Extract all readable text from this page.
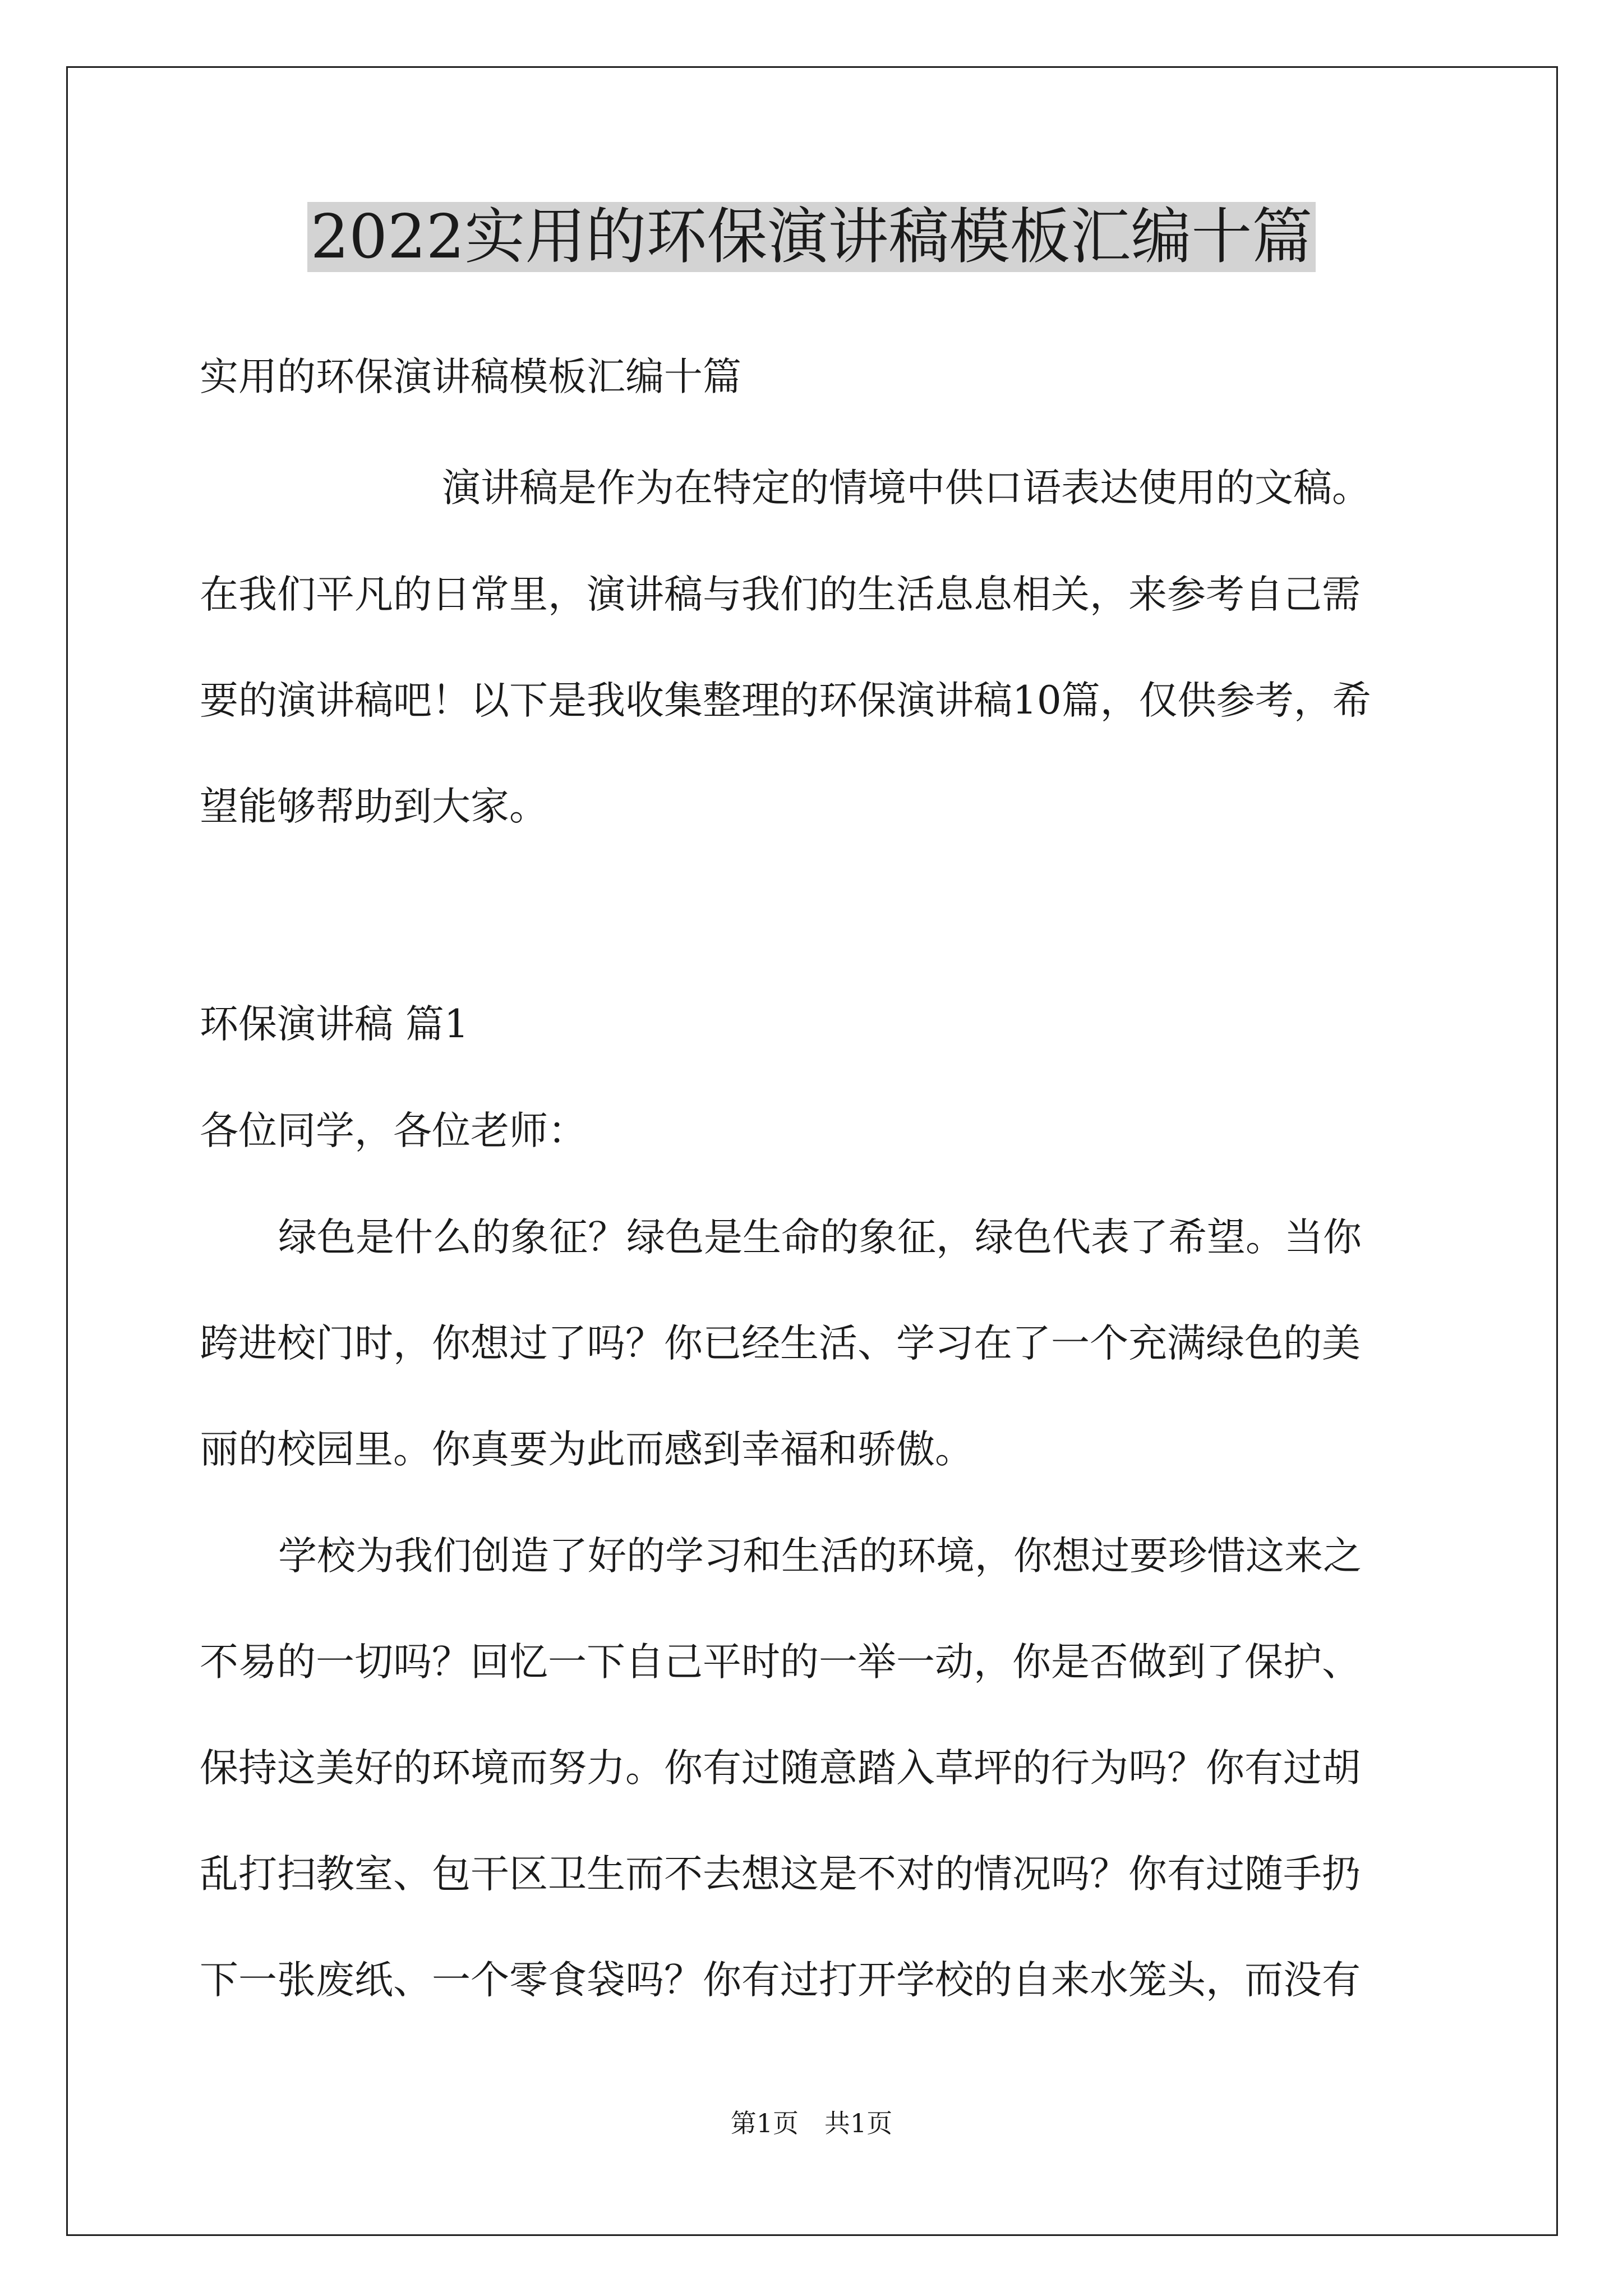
2022实用的环保演讲稿模板汇编十篇

实用的环保演讲稿模板汇编十篇

演讲稿是作为在特定的情境中供口语表达使用的文稿。

在我们平凡的日常里，演讲稿与我们的生活息息相关，来参考自己需

要的演讲稿吧！以下是我收集整理的环保演讲稿10篇，仅供参考，希

望能够帮助到大家。

环保演讲稿 篇1

各位同学，各位老师：

绿色是什么的象征？绿色是生命的象征，绿色代表了希望。当你

跨进校门时，你想过了吗？你已经生活、学习在了一个充满绿色的美

丽的校园里。你真要为此而感到幸福和骄傲。

学校为我们创造了好的学习和生活的环境，你想过要珍惜这来之

不易的一切吗？回忆一下自己平时的一举一动，你是否做到了保护、

保持这美好的环境而努力。你有过随意踏入草坪的行为吗？你有过胡

乱打扫教室、包干区卫生而不去想这是不对的情况吗？你有过随手扔

下一张废纸、一个零食袋吗？你有过打开学校的自来水笼头，而没有

第1页　共1页
